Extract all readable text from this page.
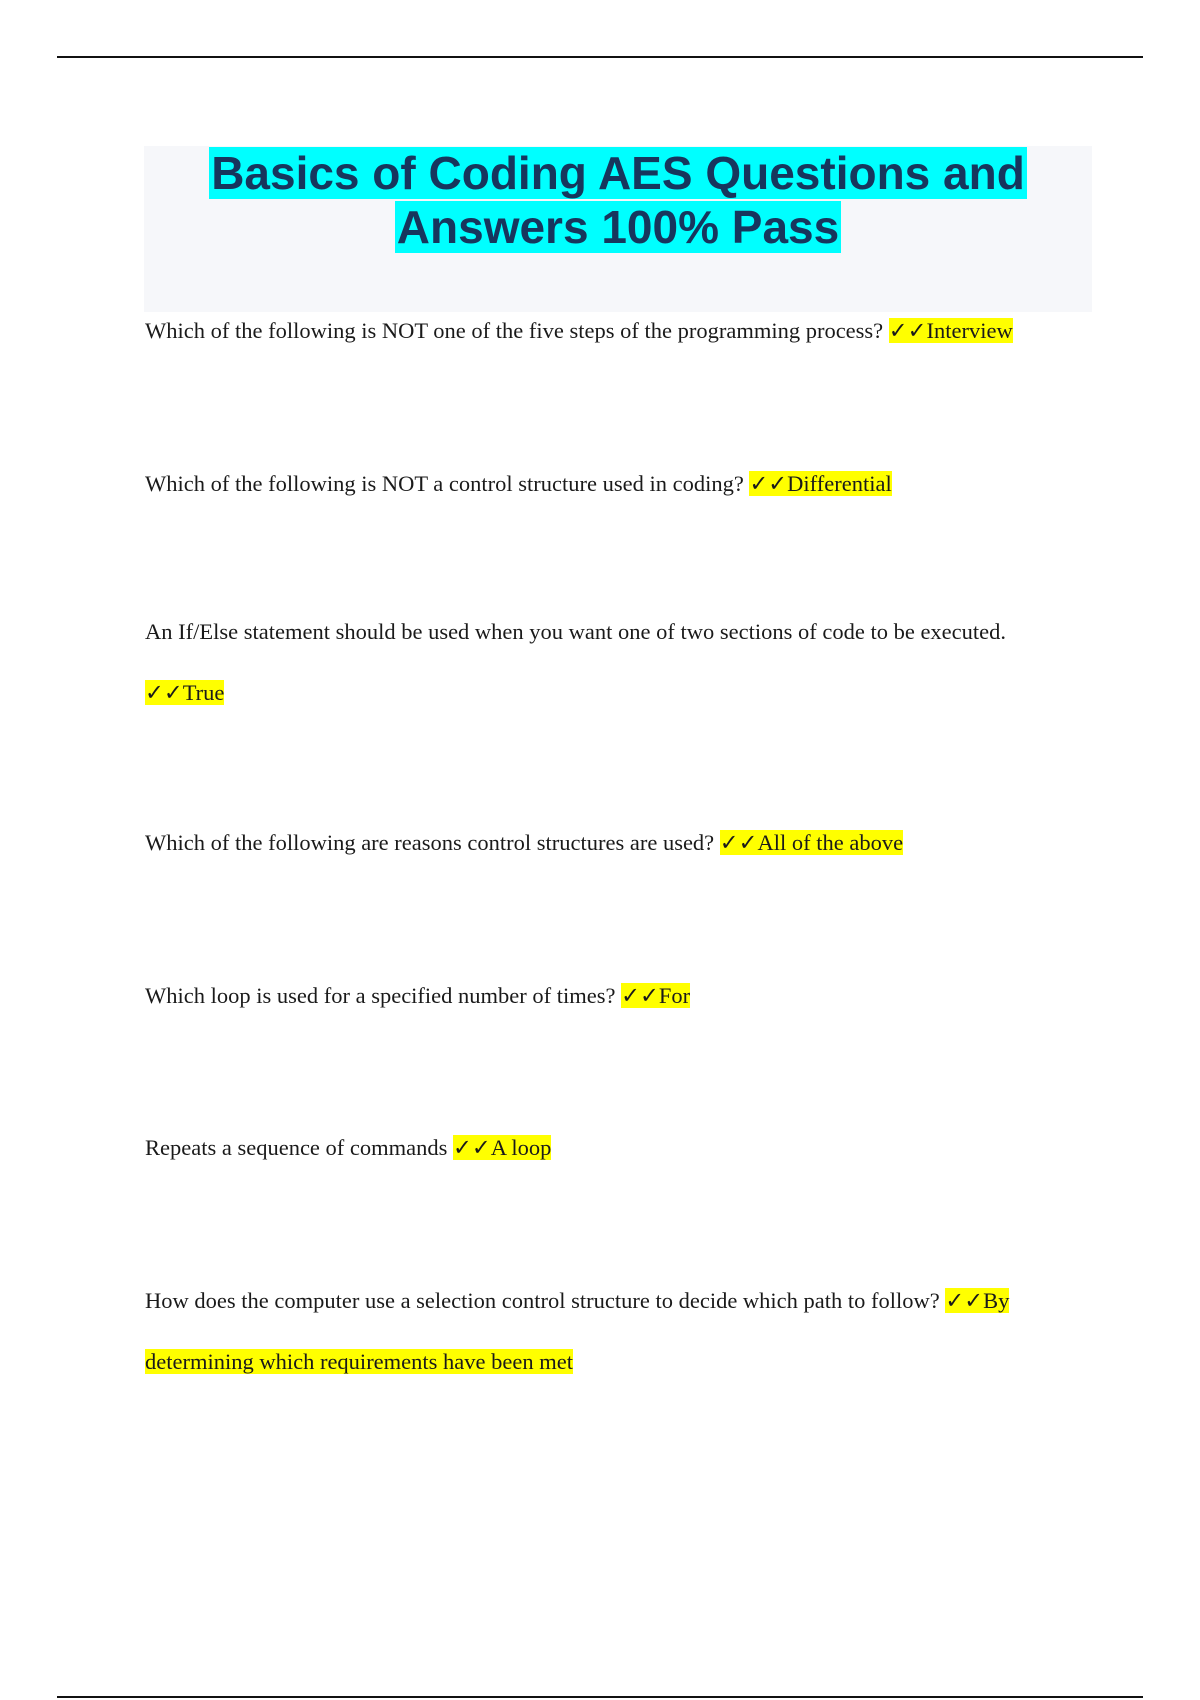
Basics of Coding AES Questions and
Answers 100% Pass
Which of the following is NOT one of the five steps of the programming process? ✓✓Interview
Which of the following is NOT a control structure used in coding? ✓✓Differential
An If/Else statement should be used when you want one of two sections of code to be executed. ✓✓True
Which of the following are reasons control structures are used? ✓✓All of the above
Which loop is used for a specified number of times? ✓✓For
Repeats a sequence of commands ✓✓A loop
How does the computer use a selection control structure to decide which path to follow? ✓✓By determining which requirements have been met
